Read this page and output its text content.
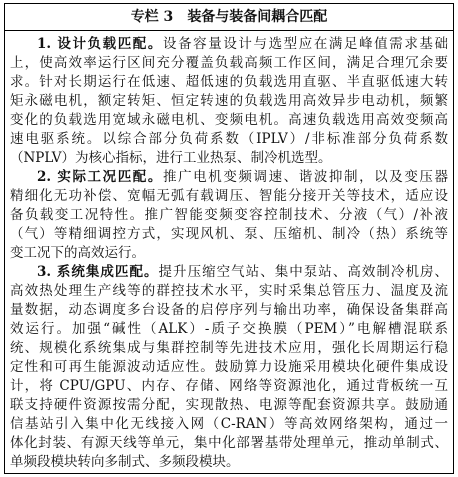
专栏 3 装备与装备间耦合匹配
1. 设计负载匹配。设备容量设计与选型应在满足峰值需求基础
上，使高效率运行区间充分覆盖负载高频工作区间，满足合理冗余要
求。针对长期运行在低速、超低速的负载选用直驱、半直驱低速大转
矩永磁电机，额定转矩、恒定转速的负载选用高效异步电动机，频繁
变化的负载选用宽域永磁电机、变频电机。高速负载选用高效变频高
速电驱系统。以综合部分负荷系数（IPLV）/非标准部分负荷系数
（NPLV）为核心指标，进行工业热泵、制冷机选型。
2. 实际工况匹配。推广电机变频调速、谐波抑制，以及变压器
精细化无功补偿、宽幅无弧有载调压、智能分接开关等技术，适应设
备负载变工况特性。推广智能变频变容控制技术、分液（气）/补液
（气）等精细调控方式，实现风机、泵、压缩机、制冷（热）系统等
变工况下的高效运行。
3. 系统集成匹配。提升压缩空气站、集中泵站、高效制冷机房、
高效热处理生产线等的群控技术水平，实时采集总管压力、温度及流
量数据，动态调度多台设备的启停序列与输出功率，确保设备集群高
效运行。加强“碱性（ALK）-质子交换膜（PEM）”电解槽混联系
统、规模化系统集成与集群控制等先进技术应用，强化长周期运行稳
定性和可再生能源波动适应性。鼓励算力设施采用模块化硬件集成设
计，将 CPU/GPU、内存、存储、网络等资源池化，通过背板统一互
联支持硬件资源按需分配，实现散热、电源等配套资源共享。鼓励通
信基站引入集中化无线接入网（C-RAN）等高效网络架构，通过一
体化封装、有源天线等单元，集中化部署基带处理单元，推动单制式、
单频段模块转向多制式、多频段模块。
